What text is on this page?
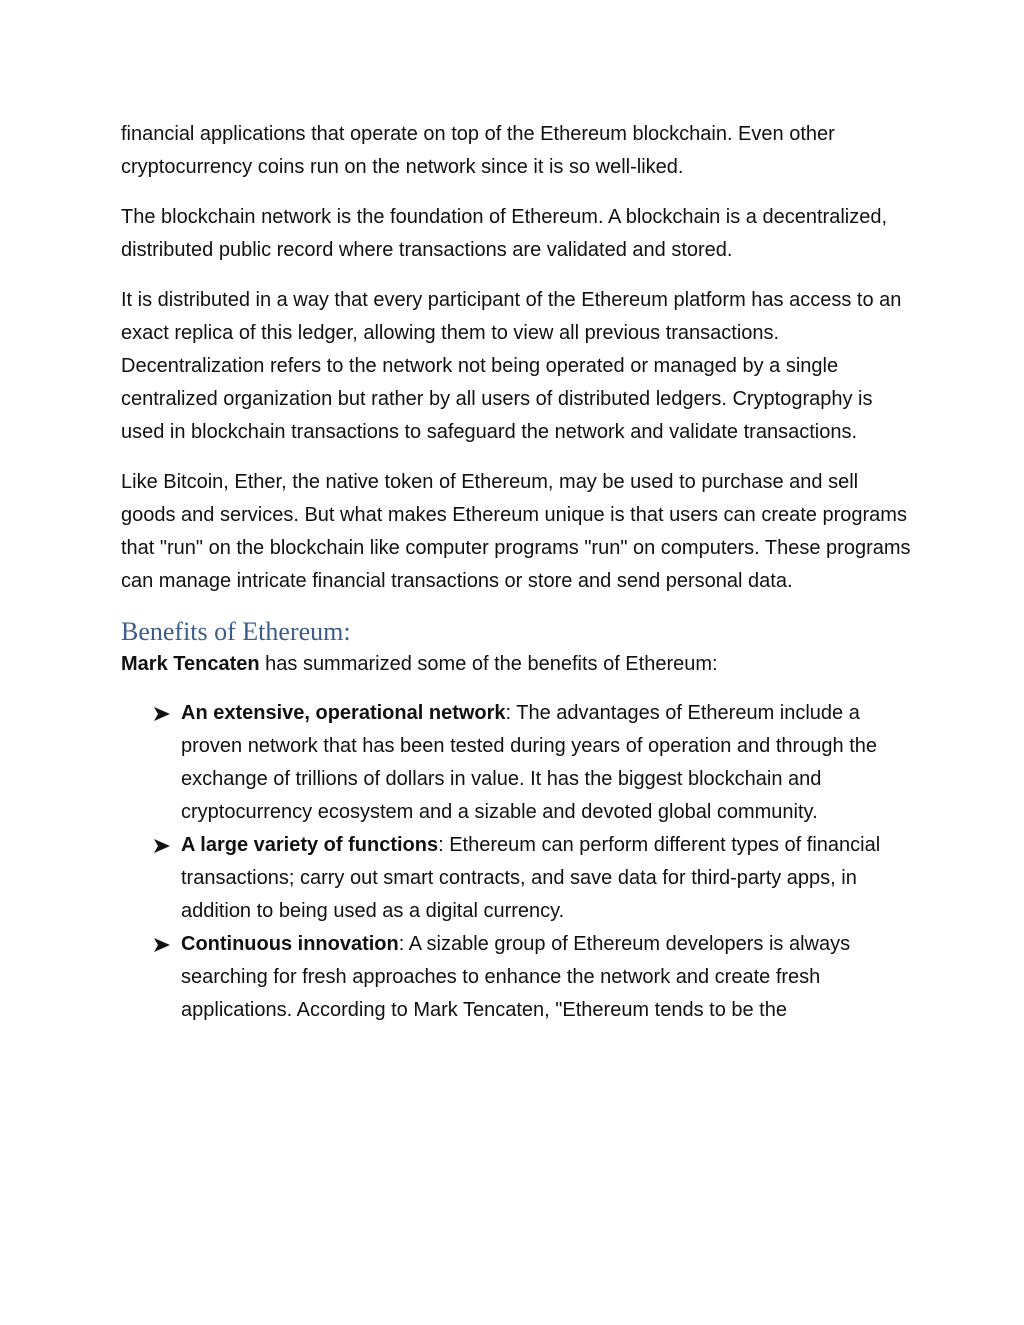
financial applications that operate on top of the Ethereum blockchain. Even other cryptocurrency coins run on the network since it is so well-liked.

The blockchain network is the foundation of Ethereum. A blockchain is a decentralized, distributed public record where transactions are validated and stored.

It is distributed in a way that every participant of the Ethereum platform has access to an exact replica of this ledger, allowing them to view all previous transactions. Decentralization refers to the network not being operated or managed by a single centralized organization but rather by all users of distributed ledgers. Cryptography is used in blockchain transactions to safeguard the network and validate transactions.

Like Bitcoin, Ether, the native token of Ethereum, may be used to purchase and sell goods and services. But what makes Ethereum unique is that users can create programs that "run" on the blockchain like computer programs "run" on computers. These programs can manage intricate financial transactions or store and send personal data.

Benefits of Ethereum:

Mark Tencaten has summarized some of the benefits of Ethereum:

An extensive, operational network: The advantages of Ethereum include a proven network that has been tested during years of operation and through the exchange of trillions of dollars in value. It has the biggest blockchain and cryptocurrency ecosystem and a sizable and devoted global community.
A large variety of functions: Ethereum can perform different types of financial transactions; carry out smart contracts, and save data for third-party apps, in addition to being used as a digital currency.
Continuous innovation: A sizable group of Ethereum developers is always searching for fresh approaches to enhance the network and create fresh applications. According to Mark Tencaten, "Ethereum tends to be the
